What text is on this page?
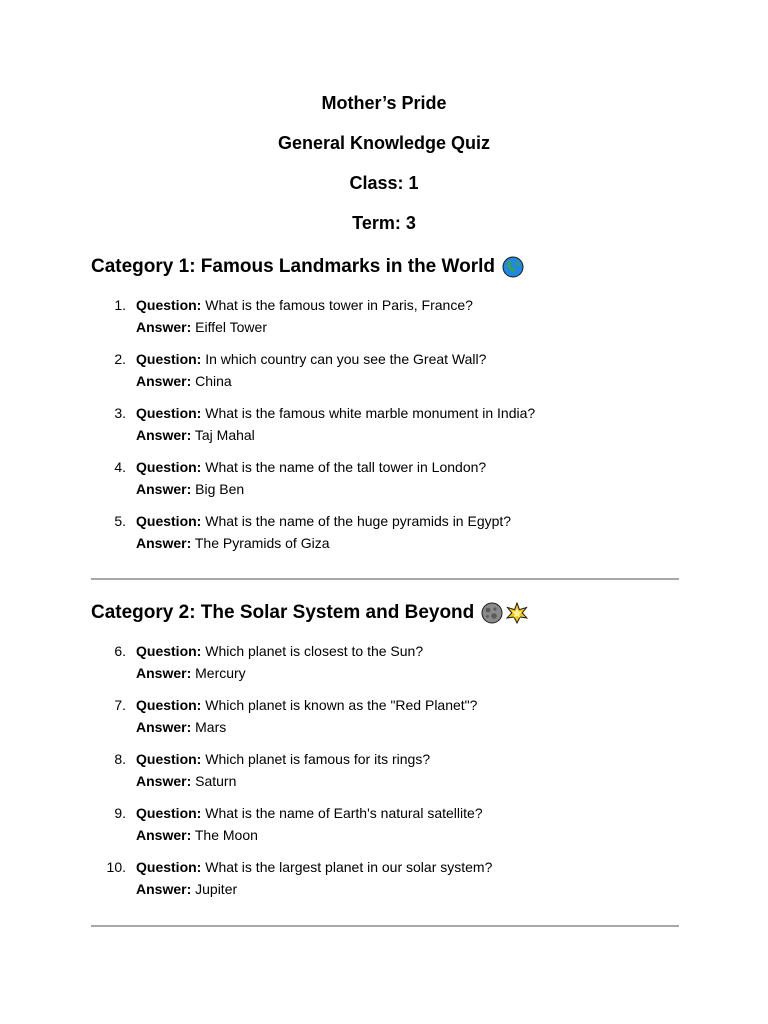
Mother’s Pride
General Knowledge Quiz
Class: 1
Term: 3
Category 1: Famous Landmarks in the World
1. Question: What is the famous tower in Paris, France?
Answer: Eiffel Tower
2. Question: In which country can you see the Great Wall?
Answer: China
3. Question: What is the famous white marble monument in India?
Answer: Taj Mahal
4. Question: What is the name of the tall tower in London?
Answer: Big Ben
5. Question: What is the name of the huge pyramids in Egypt?
Answer: The Pyramids of Giza
Category 2: The Solar System and Beyond
6. Question: Which planet is closest to the Sun?
Answer: Mercury
7. Question: Which planet is known as the "Red Planet"?
Answer: Mars
8. Question: Which planet is famous for its rings?
Answer: Saturn
9. Question: What is the name of Earth's natural satellite?
Answer: The Moon
10. Question: What is the largest planet in our solar system?
Answer: Jupiter
